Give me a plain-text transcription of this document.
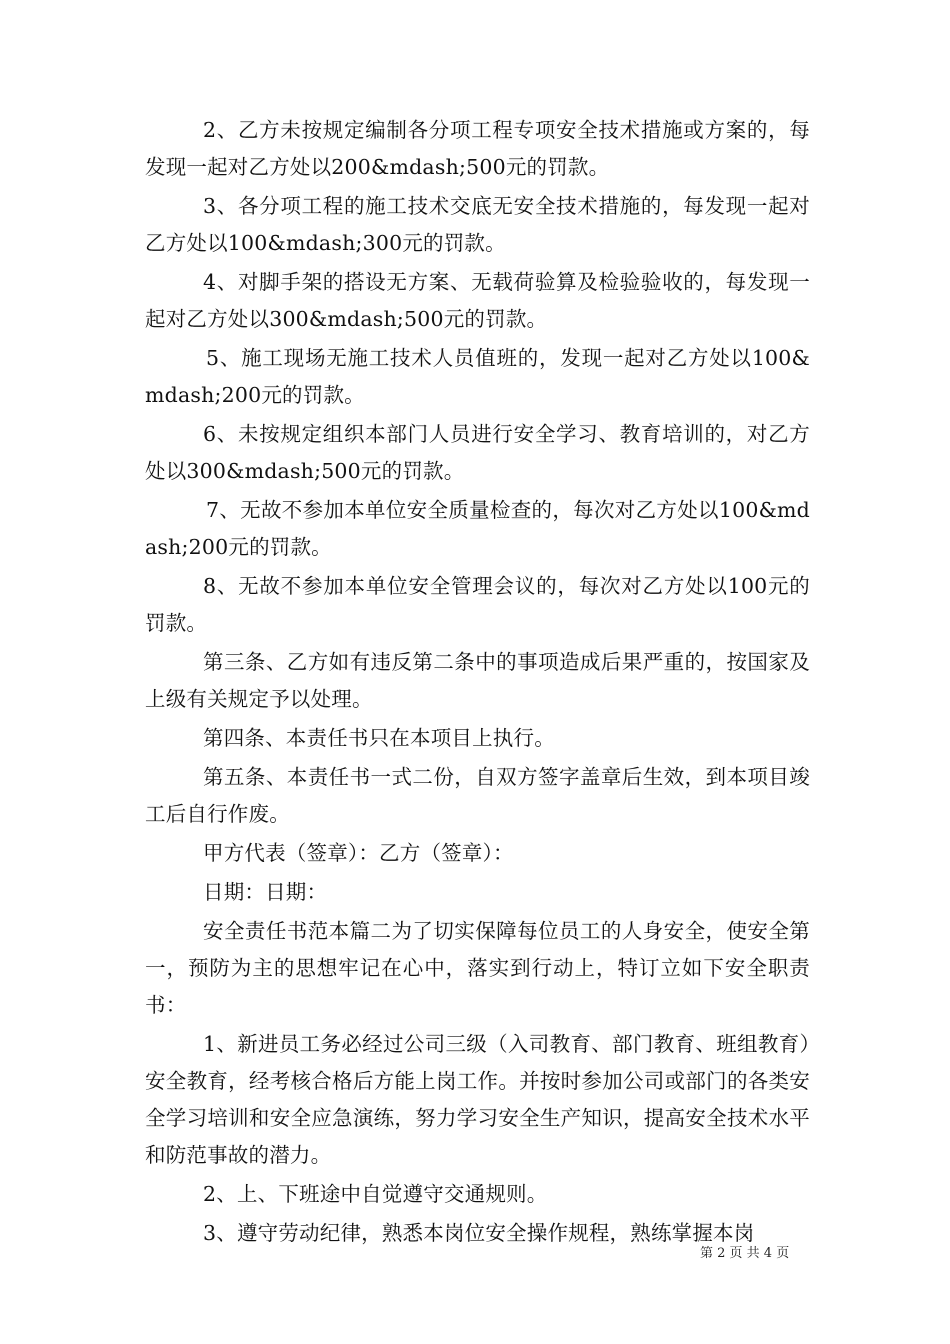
2、乙方未按规定编制各分项工程专项安全技术措施或方案的，每发现一起对乙方处以200&mdash;500元的罚款。

3、各分项工程的施工技术交底无安全技术措施的，每发现一起对乙方处以100&mdash;300元的罚款。

4、对脚手架的搭设无方案、无载荷验算及检验验收的，每发现一起对乙方处以300&mdash;500元的罚款。

5、施工现场无施工技术人员值班的，发现一起对乙方处以100&mdash;200元的罚款。

6、未按规定组织本部门人员进行安全学习、教育培训的，对乙方处以300&mdash;500元的罚款。

7、无故不参加本单位安全质量检查的，每次对乙方处以100&mdash;200元的罚款。

8、无故不参加本单位安全管理会议的，每次对乙方处以100元的罚款。

第三条、乙方如有违反第二条中的事项造成后果严重的，按国家及上级有关规定予以处理。

第四条、本责任书只在本项目上执行。

第五条、本责任书一式二份，自双方签字盖章后生效，到本项目竣工后自行作废。

甲方代表（签章）：乙方（签章）：

日期：日期：

安全责任书范本篇二为了切实保障每位员工的人身安全，使安全第一，预防为主的思想牢记在心中，落实到行动上，特订立如下安全职责书：

1、新进员工务必经过公司三级（入司教育、部门教育、班组教育）安全教育，经考核合格后方能上岗工作。并按时参加公司或部门的各类安全学习培训和安全应急演练，努力学习安全生产知识，提高安全技术水平和防范事故的潜力。

2、上、下班途中自觉遵守交通规则。

3、遵守劳动纪律，熟悉本岗位安全操作规程，熟练掌握本岗

第 2 页 共 4 页
